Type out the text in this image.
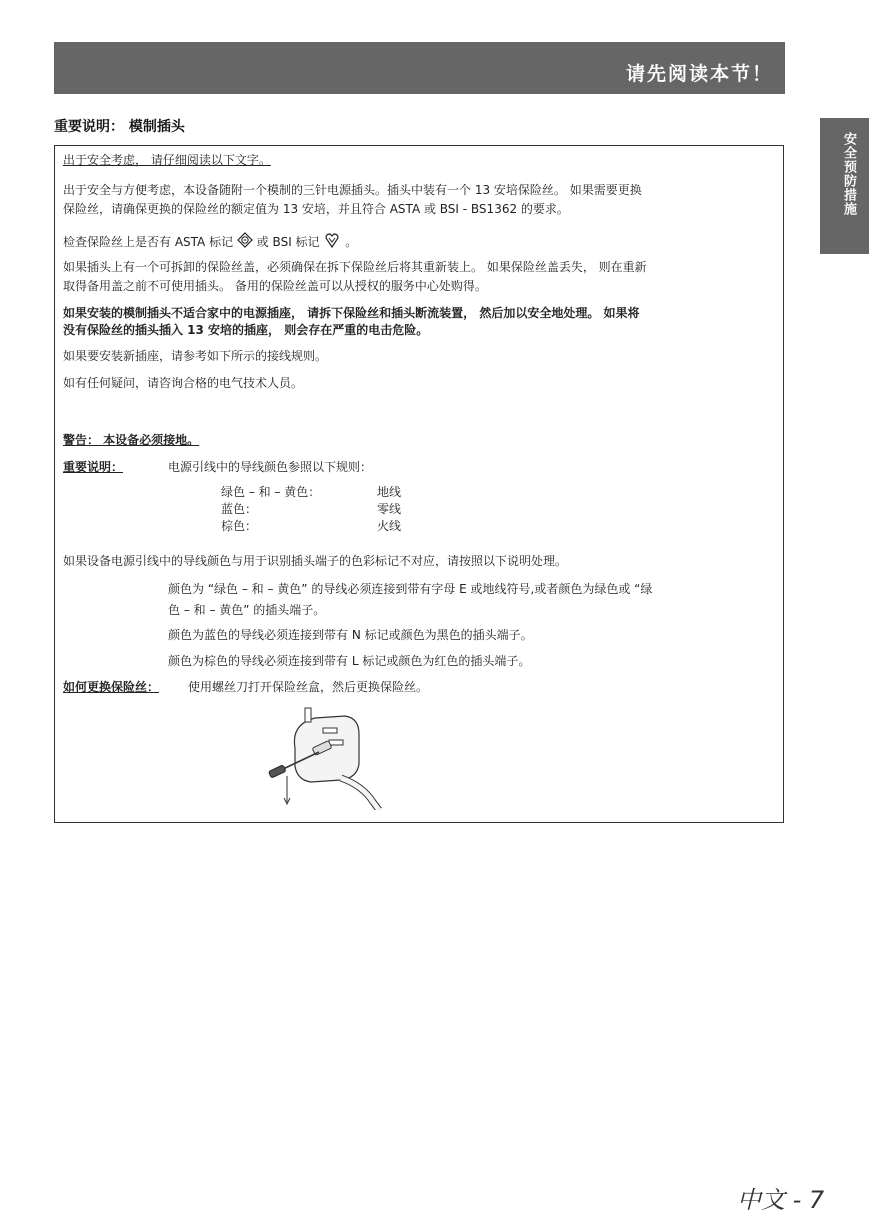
请先阅读本节！
安全预防措施
重要说明： 模制插头
出于安全考虑， 请仔细阅读以下文字。
出于安全与方便考虑，本设备随附一个模制的三针电源插头。插头中装有一个 13 安培保险丝。 如果需要更换
保险丝，请确保更换的保险丝的额定值为 13 安培，并且符合 ASTA 或 BSI - BS1362 的要求。
检查保险丝上是否有 ASTA 标记 或 BSI 标记 。
如果插头上有一个可拆卸的保险丝盖，必须确保在拆下保险丝后将其重新装上。 如果保险丝盖丢失， 则在重新
取得备用盖之前不可使用插头。 备用的保险丝盖可以从授权的服务中心处购得。
如果安装的模制插头不适合家中的电源插座， 请拆下保险丝和插头断流装置， 然后加以安全地处理。 如果将
没有保险丝的插头插入 13 安培的插座， 则会存在严重的电击危险。
如果要安装新插座，请参考如下所示的接线规则。
如有任何疑问，请咨询合格的电气技术人员。
警告： 本设备必须接地。
重要说明：	电源引线中的导线颜色参照以下规则：
绿色 – 和 – 黄色：	地线
蓝色：	零线
棕色：	火线
如果设备电源引线中的导线颜色与用于识别插头端子的色彩标记不对应，请按照以下说明处理。
颜色为 “绿色 – 和 – 黄色” 的导线必须连接到带有字母 E 或地线符号,或者颜色为绿色或 “绿
色 – 和 – 黄色” 的插头端子。
颜色为蓝色的导线必须连接到带有 N 标记或颜色为黑色的插头端子。
颜色为棕色的导线必须连接到带有 L 标记或颜色为红色的插头端子。
如何更换保险丝： 使用螺丝刀打开保险丝盒，然后更换保险丝。
中文 - 7
